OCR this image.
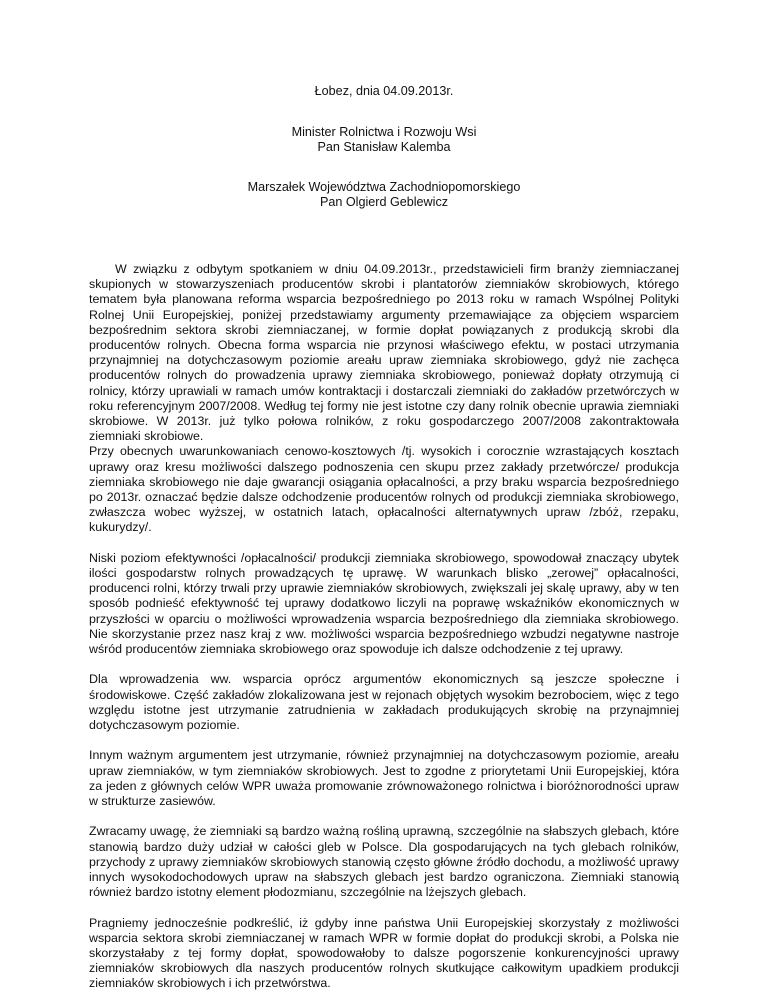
Łobez, dnia 04.09.2013r.

Minister Rolnictwa i Rozwoju Wsi

Pan Stanisław Kalemba

Marszałek Województwa Zachodniopomorskiego

Pan Olgierd Geblewicz

W związku z odbytym spotkaniem w dniu 04.09.2013r., przedstawicieli firm branży ziemniaczanej skupionych w stowarzyszeniach producentów skrobi i plantatorów ziemniaków skrobiowych, którego tematem była planowana reforma wsparcia bezpośredniego po 2013 roku w ramach Wspólnej Polityki Rolnej Unii Europejskiej, poniżej przedstawiamy argumenty przemawiające za objęciem wsparciem bezpośrednim sektora skrobi ziemniaczanej, w formie dopłat powiązanych z produkcją skrobi dla producentów rolnych. Obecna forma wsparcia nie przynosi właściwego efektu, w postaci utrzymania przynajmniej na dotychczasowym poziomie areału upraw ziemniaka skrobiowego, gdyż nie zachęca producentów rolnych do prowadzenia uprawy ziemniaka skrobiowego, ponieważ dopłaty otrzymują ci rolnicy, którzy uprawiali w ramach umów kontraktacji i dostarczali ziemniaki do zakładów przetwórczych w roku referencyjnym 2007/2008. Według tej formy nie jest istotne czy dany rolnik obecnie uprawia ziemniaki skrobiowe. W 2013r. już tylko połowa rolników, z roku gospodarczego 2007/2008 zakontraktowała ziemniaki skrobiowe.

Przy obecnych uwarunkowaniach cenowo-kosztowych /tj. wysokich i corocznie wzrastających kosztach uprawy oraz kresu możliwości dalszego podnoszenia cen skupu przez zakłady przetwórcze/ produkcja ziemniaka skrobiowego nie daje gwarancji osiągania opłacalności, a przy braku wsparcia bezpośredniego po 2013r. oznaczać będzie dalsze odchodzenie producentów rolnych od produkcji ziemniaka skrobiowego, zwłaszcza wobec wyższej, w ostatnich latach, opłacalności alternatywnych upraw /zbóż, rzepaku, kukurydzy/.

Niski poziom efektywności /opłacalności/ produkcji ziemniaka skrobiowego, spowodował znaczący ubytek ilości gospodarstw rolnych prowadzących tę uprawę. W warunkach blisko „zerowej” opłacalności, producenci rolni, którzy trwali przy uprawie ziemniaków skrobiowych, zwiększali jej skalę uprawy, aby w ten sposób podnieść efektywność tej uprawy dodatkowo liczyli na poprawę wskaźników ekonomicznych w przyszłości w oparciu o możliwości wprowadzenia wsparcia bezpośredniego dla ziemniaka skrobiowego. Nie skorzystanie przez nasz kraj z ww. możliwości wsparcia bezpośredniego wzbudzi negatywne nastroje wśród producentów ziemniaka skrobiowego oraz spowoduje ich dalsze odchodzenie z tej uprawy.

Dla wprowadzenia ww. wsparcia oprócz argumentów ekonomicznych są jeszcze społeczne i środowiskowe. Część zakładów zlokalizowana jest w rejonach objętych wysokim bezrobociem, więc z tego względu istotne jest utrzymanie zatrudnienia w zakładach produkujących skrobię na przynajmniej dotychczasowym poziomie.

Innym ważnym argumentem jest utrzymanie, również przynajmniej na dotychczasowym poziomie, areału upraw ziemniaków, w tym ziemniaków skrobiowych. Jest to zgodne z priorytetami Unii Europejskiej, która za jeden z głównych celów WPR uważa promowanie zrównoważonego rolnictwa i bioróżnorodności upraw w strukturze zasiewów.

Zwracamy uwagę, że ziemniaki są bardzo ważną rośliną uprawną, szczególnie na słabszych glebach, które stanowią bardzo duży udział w całości gleb w Polsce. Dla gospodarujących na tych glebach rolników, przychody z uprawy ziemniaków skrobiowych stanowią często główne źródło dochodu, a możliwość uprawy innych wysokodochodowych upraw na słabszych glebach jest bardzo ograniczona. Ziemniaki stanowią również bardzo istotny element płodozmianu, szczególnie na lżejszych glebach.

Pragniemy jednocześnie podkreślić, iż gdyby inne państwa Unii Europejskiej skorzystały z możliwości wsparcia sektora skrobi ziemniaczanej w ramach WPR w formie dopłat do produkcji skrobi, a Polska nie skorzystałaby z tej formy dopłat, spowodowałoby to dalsze pogorszenie konkurencyjności uprawy ziemniaków skrobiowych dla naszych producentów rolnych skutkujące całkowitym upadkiem produkcji ziemniaków skrobiowych i ich przetwórstwa.
